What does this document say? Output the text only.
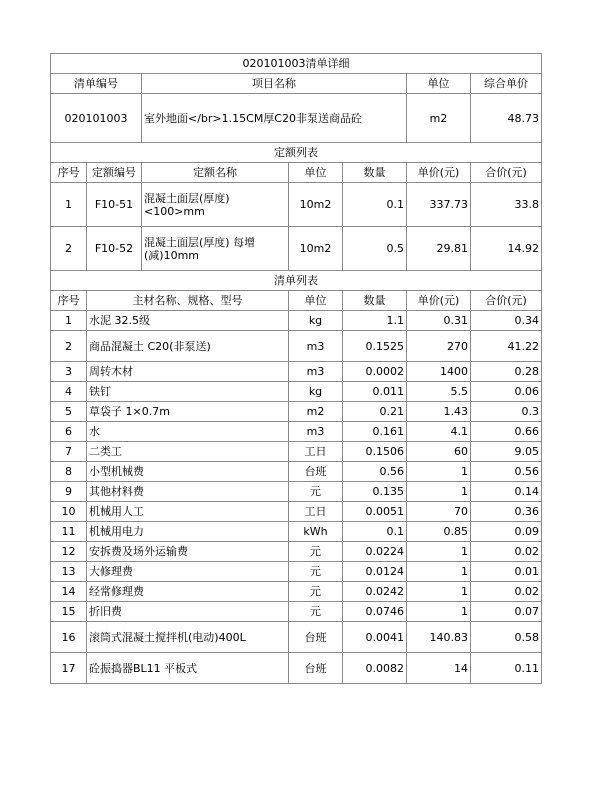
020101003清单详细						
清单编号		项目名称			单位	综合单价
020101003		室外地面</br>1.15CM厚C20非泵送商品砼			m2	48.73
定额列表						
序号	定额编号	定额名称	单位	数量	单价(元)	合价(元)
1	F10-51	混凝土面层(厚度)<100>mm	10m2	0.1	337.73	33.8
2	F10-52	混凝土面层(厚度) 每增(减)10mm	10m2	0.5	29.81	14.92
清单列表						
序号	主材名称、规格、型号		单位	数量	单价(元)	合价(元)
1	水泥 32.5级		kg	1.1	0.31	0.34
2	商品混凝土 C20(非泵送)		m3	0.1525	270	41.22
3	周转木材		m3	0.0002	1400	0.28
4	铁钉		kg	0.011	5.5	0.06
5	草袋子 1×0.7m		m2	0.21	1.43	0.3
6	水		m3	0.161	4.1	0.66
7	二类工		工日	0.1506	60	9.05
8	小型机械费		台班	0.56	1	0.56
9	其他材料费		元	0.135	1	0.14
10	机械用人工		工日	0.0051	70	0.36
11	机械用电力		kWh	0.1	0.85	0.09
12	安拆费及场外运输费		元	0.0224	1	0.02
13	大修理费		元	0.0124	1	0.01
14	经常修理费		元	0.0242	1	0.02
15	折旧费		元	0.0746	1	0.07
16	滚筒式混凝土搅拌机(电动)400L		台班	0.0041	140.83	0.58
17	砼振捣器BL11 平板式		台班	0.0082	14	0.11
